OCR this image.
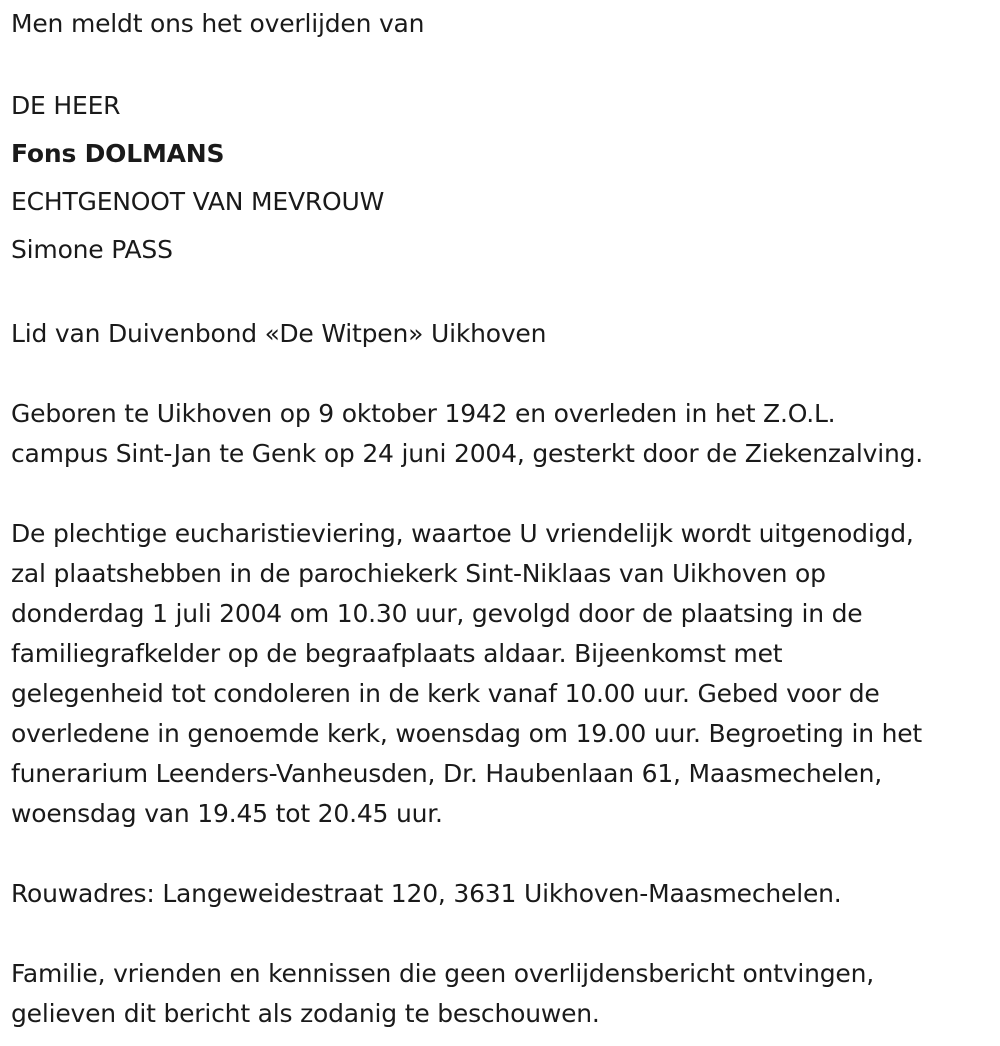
Men meldt ons het overlijden van
DE HEER
Fons DOLMANS
ECHTGENOOT VAN MEVROUW
Simone PASS
Lid van Duivenbond «De Witpen» Uikhoven
Geboren te Uikhoven op 9 oktober 1942 en overleden in het Z.O.L.
campus Sint-Jan te Genk op 24 juni 2004, gesterkt door de Ziekenzalving.
De plechtige eucharistieviering, waartoe U vriendelijk wordt uitgenodigd,
zal plaatshebben in de parochiekerk Sint-Niklaas van Uikhoven op
donderdag 1 juli 2004 om 10.30 uur, gevolgd door de plaatsing in de
familiegrafkelder op de begraafplaats aldaar. Bijeenkomst met
gelegenheid tot condoleren in de kerk vanaf 10.00 uur. Gebed voor de
overledene in genoemde kerk, woensdag om 19.00 uur. Begroeting in het
funerarium Leenders-Vanheusden, Dr. Haubenlaan 61, Maasmechelen,
woensdag van 19.45 tot 20.45 uur.
Rouwadres: Langeweidestraat 120, 3631 Uikhoven-Maasmechelen.
Familie, vrienden en kennissen die geen overlijdensbericht ontvingen,
gelieven dit bericht als zodanig te beschouwen.
